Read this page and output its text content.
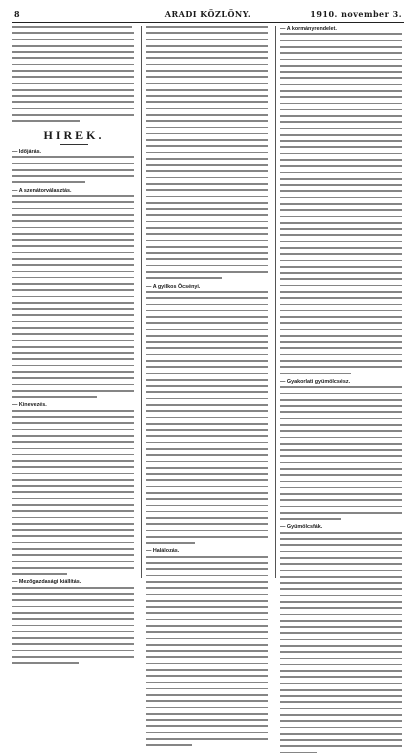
8	ARADI KÖZLÖNY.	1910. november 3.
HIREK.
— Időjárás.
— A szenátorválasztás.
— Kinevezés.
— Mezőgazdasági kiállítás.
— A gyilkos Öcsényi.
— Halálozás.
— A kormányrendelet.
— Gyakorlati gyümölcsész.
— Gyümölcsfák.
